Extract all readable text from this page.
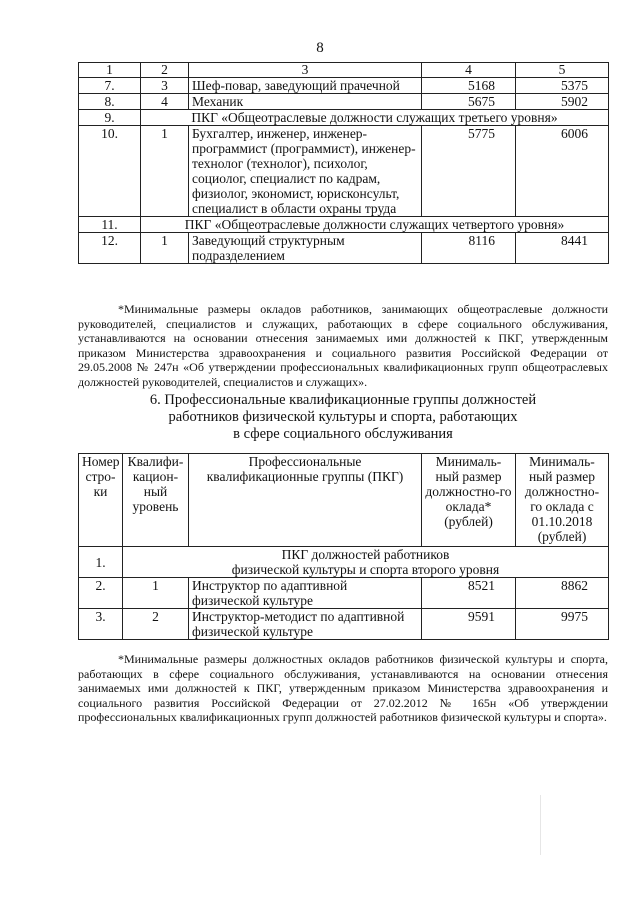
8
1	2	3	4	5
7.	3	Шеф-повар, заведующий прачечной	5168	5375
8.	4	Механик	5675	5902
9.	ПКГ «Общеотраслевые должности служащих третьего уровня»			
10.	1	Бухгалтер, инженер, инженер-программист (программист), инженер-технолог (технолог), психолог, социолог, специалист по кадрам, физиолог, экономист, юрисконсульт, специалист в области охраны труда	5775	6006
11.	ПКГ «Общеотраслевые должности служащих четвертого уровня»			
12.	1	Заведующий структурным подразделением	8116	8441
*Минимальные размеры окладов работников, занимающих общеотраслевые должности руководителей, специалистов и служащих, работающих в сфере социального обслуживания, устанавливаются на основании отнесения занимаемых ими должностей к ПКГ, утвержденным приказом Министерства здравоохранения и социального развития Российской Федерации от 29.05.2008 № 247н «Об утверждении профессиональных квалификационных групп общеотраслевых должностей руководителей, специалистов и служащих».
6. Профессиональные квалификационные группы должностей
работников физической культуры и спорта, работающих
в сфере социального обслуживания
Номер стро-ки	Квалифи-кацион-ный уровень	Профессиональные квалификационные группы (ПКГ)	Минималь-ный размер должностно-го оклада* (рублей)	Минималь-ный размер должностно-го оклада с 01.10.2018 (рублей)
1.	ПКГ должностей работников
физической культуры и спорта второго уровня			

2.	1	Инструктор по адаптивной физической культуре	8521	8862
3.	2	Инструктор-методист по адаптивной физической культуре	9591	9975
*Минимальные размеры должностных окладов работников физической культуры и спорта, работающих в сфере социального обслуживания, устанавливаются на основании отнесения занимаемых ими должностей к ПКГ, утвержденным приказом Министерства здравоохранения и социального развития Российской Федерации от 27.02.2012 № 165н «Об утверждении профессиональных квалификационных групп должностей работников физической культуры и спорта».
